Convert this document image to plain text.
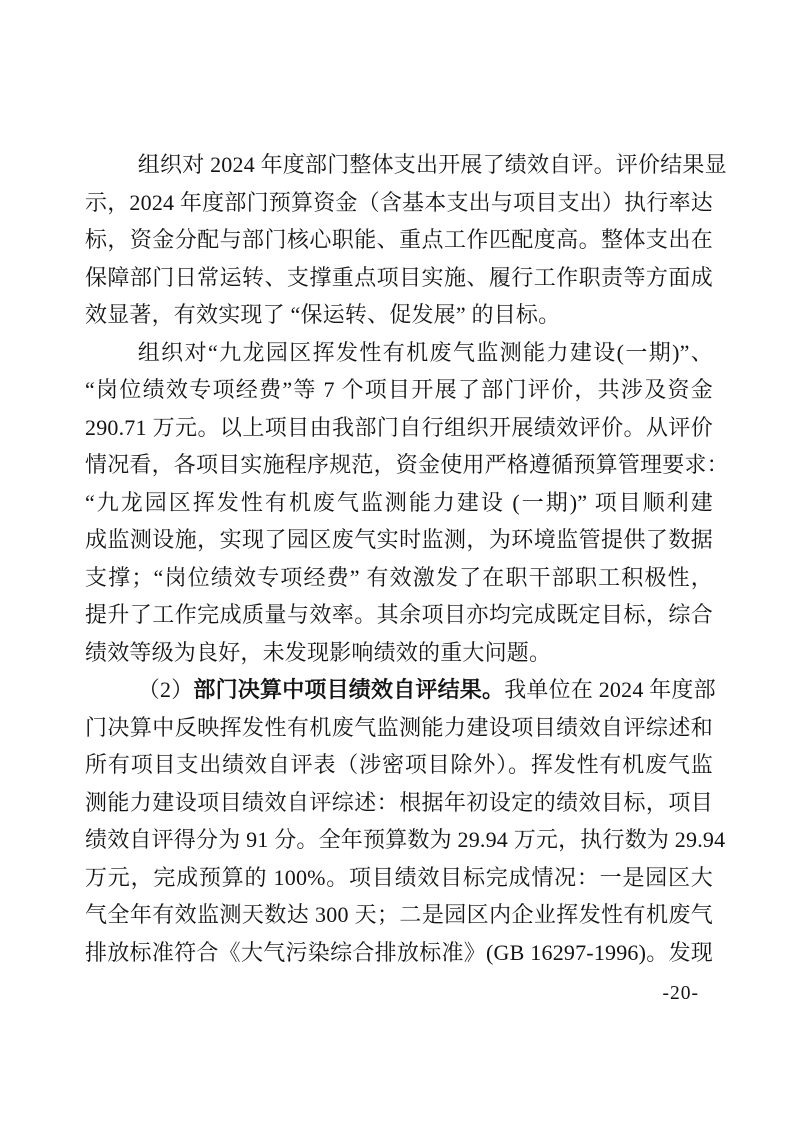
组织对 2024 年度部门整体支出开展了绩效自评。评价结果显
示，2024 年度部门预算资金（含基本支出与项目支出）执行率达
标，资金分配与部门核心职能、重点工作匹配度高。整体支出在
保障部门日常运转、支撑重点项目实施、履行工作职责等方面成
效显著，有效实现了 “保运转、促发展” 的目标。
组织对“九龙园区挥发性有机废气监测能力建设(一期)”、
“岗位绩效专项经费”等 7 个项目开展了部门评价，共涉及资金
290.71 万元。以上项目由我部门自行组织开展绩效评价。从评价
情况看，各项目实施程序规范，资金使用严格遵循预算管理要求：
“九龙园区挥发性有机废气监测能力建设 (一期)” 项目顺利建
成监测设施，实现了园区废气实时监测，为环境监管提供了数据
支撑；“岗位绩效专项经费” 有效激发了在职干部职工积极性，
提升了工作完成质量与效率。其余项目亦均完成既定目标，综合
绩效等级为良好，未发现影响绩效的重大问题。
（2）部门决算中项目绩效自评结果。我单位在 2024 年度部
门决算中反映挥发性有机废气监测能力建设项目绩效自评综述和
所有项目支出绩效自评表（涉密项目除外）。挥发性有机废气监
测能力建设项目绩效自评综述：根据年初设定的绩效目标，项目
绩效自评得分为 91 分。全年预算数为 29.94 万元，执行数为 29.94
万元，完成预算的 100%。项目绩效目标完成情况：一是园区大
气全年有效监测天数达 300 天；二是园区内企业挥发性有机废气
排放标准符合《大气污染综合排放标准》(GB 16297-1996)。发现
-20-
